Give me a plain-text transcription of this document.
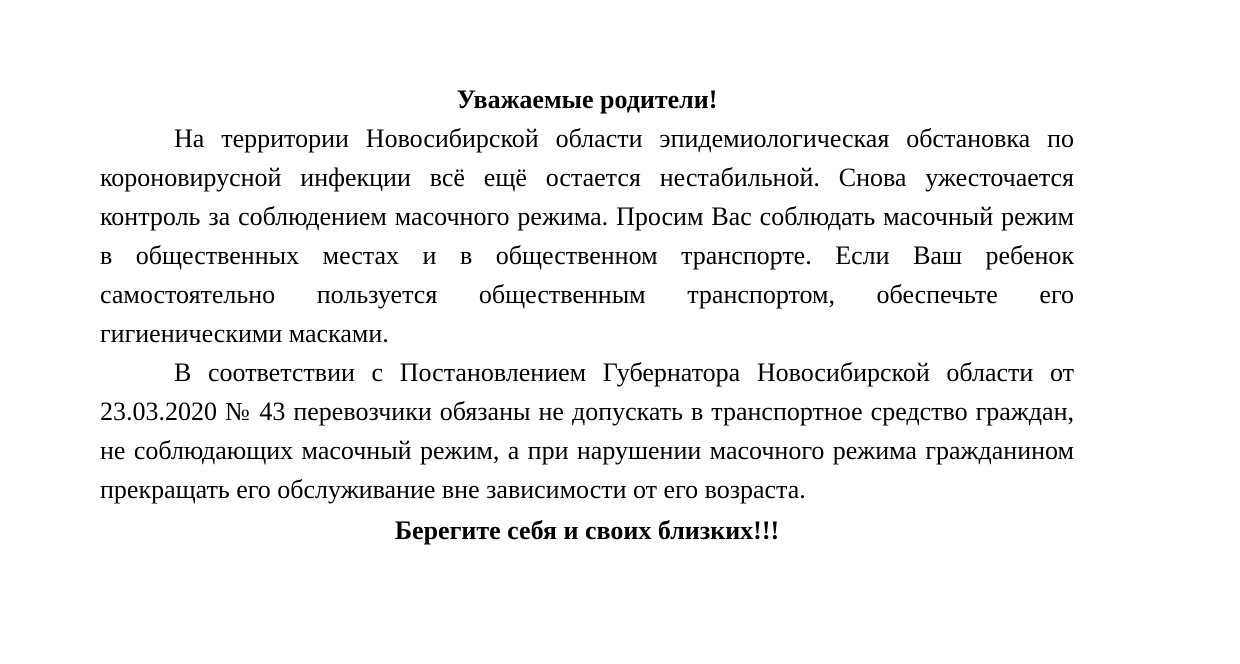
Уважаемые родители!

На территории Новосибирской области эпидемиологическая обстановка по короновирусной инфекции всё ещё остается нестабильной. Снова ужесточается контроль за соблюдением масочного режима. Просим Вас соблюдать масочный режим в общественных местах и в общественном транспорте. Если Ваш ребенок самостоятельно пользуется общественным транспортом, обеспечьте его гигиеническими масками.

В соответствии с Постановлением Губернатора Новосибирской области от 23.03.2020 № 43 перевозчики обязаны не допускать в транспортное средство граждан, не соблюдающих масочный режим, а при нарушении масочного режима гражданином прекращать его обслуживание вне зависимости от его возраста.

Берегите себя и своих близких!!!
